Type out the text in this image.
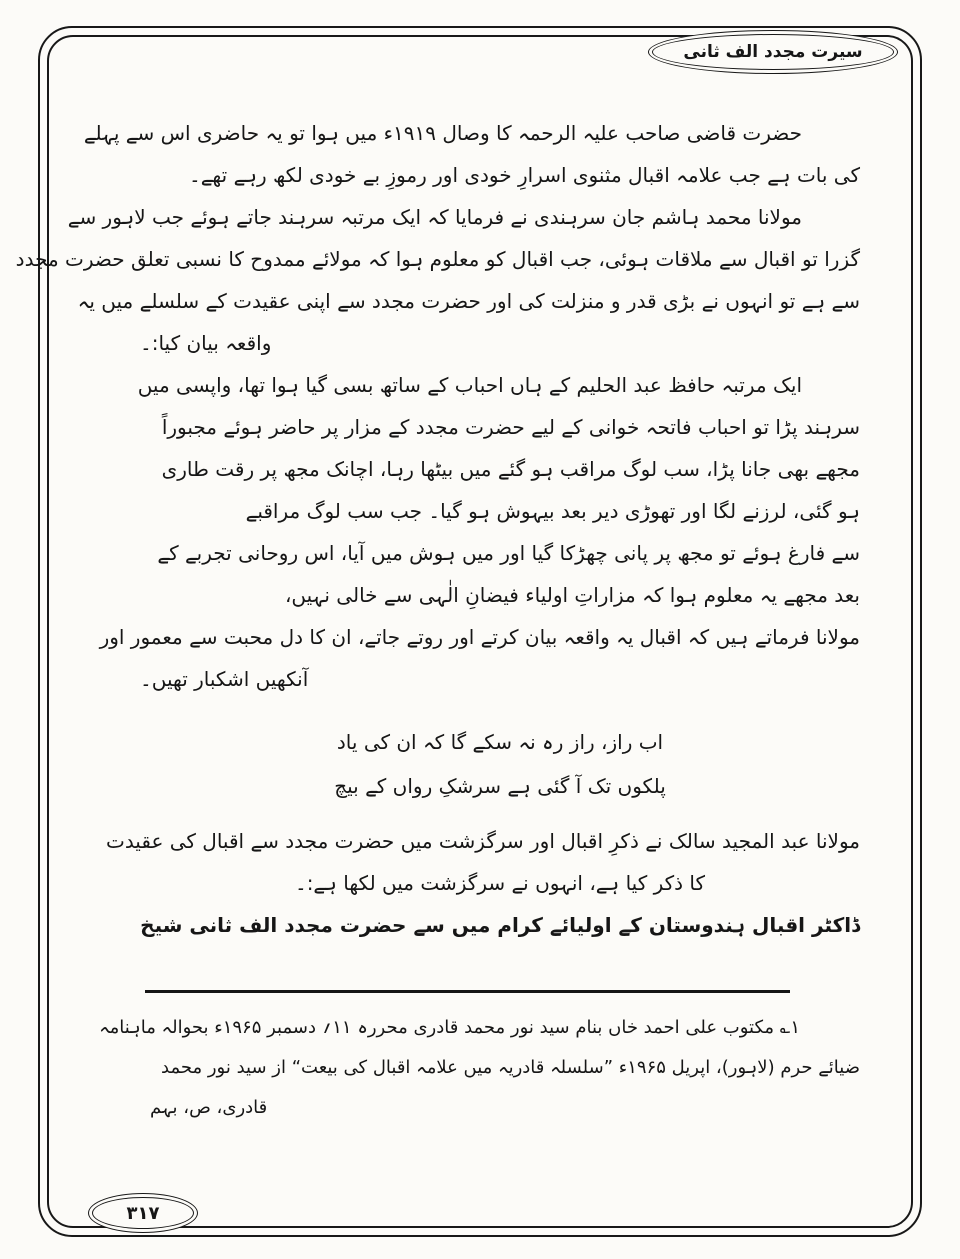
سیرت مجدد الف ثانی

حضرت قاضی صاحب علیہ الرحمہ کا وصال ۱۹۱۹ء میں ہوا تو یہ حاضری اس سے پہلے

کی بات ہے جب علامہ اقبال مثنوی اسرارِ خودی اور رموزِ بے خودی لکھ رہے تھے۔

مولانا محمد ہاشم جان سرہندی نے فرمایا کہ ایک مرتبہ سرہند جاتے ہوئے جب لاہور سے

گزرا تو اقبال سے ملاقات ہوئی، جب اقبال کو معلوم ہوا کہ مولائے ممدوح کا نسبی تعلق حضرت مجدد

سے ہے تو انہوں نے بڑی قدر و منزلت کی اور حضرت مجدد سے اپنی عقیدت کے سلسلے میں یہ

واقعہ بیان کیا:۔

ایک مرتبہ حافظ عبد الحلیم کے ہاں احباب کے ساتھ بسی گیا ہوا تھا، واپسی میں

سرہند پڑا تو احباب فاتحہ خوانی کے لیے حضرت مجدد کے مزار پر حاضر ہوئے مجبوراً

مجھے بھی جانا پڑا، سب لوگ مراقب ہو گئے میں بیٹھا رہا، اچانک مجھ پر رقت طاری

ہو گئی، لرزنے لگا اور تھوڑی دیر بعد بیہوش ہو گیا۔ جب سب لوگ مراقبے

سے فارغ ہوئے تو مجھ پر پانی چھڑکا گیا اور میں ہوش میں آیا، اس روحانی تجربے کے

بعد مجھے یہ معلوم ہوا کہ مزاراتِ اولیاء فیضانِ الٰہی سے خالی نہیں،

مولانا فرماتے ہیں کہ اقبال یہ واقعہ بیان کرتے اور روتے جاتے، ان کا دل محبت سے معمور اور

آنکھیں اشکبار تھیں۔

اب راز، راز رہ نہ سکے گا کہ ان کی یاد

پلکوں تک آ گئی ہے سرشکِ رواں کے بیچ

مولانا عبد المجید سالک نے ذکرِ اقبال اور سرگزشت میں حضرت مجدد سے اقبال کی عقیدت

کا ذکر کیا ہے، انہوں نے سرگزشت میں لکھا ہے:۔

ڈاکٹر اقبال ہندوستان کے اولیائے کرام میں سے حضرت مجدد الف ثانی شیخ

۱؎ مکتوب علی احمد خاں بنام سید نور محمد قادری محررہ ۱۱؍ دسمبر ۱۹۶۵ء بحوالہ ماہنامہ

ضیائے حرم (لاہور)، اپریل ۱۹۶۵ء ”سلسلہ قادریہ میں علامہ اقبال کی بیعت“ از سید نور محمد

قادری، ص، بہم

۳۱۷
